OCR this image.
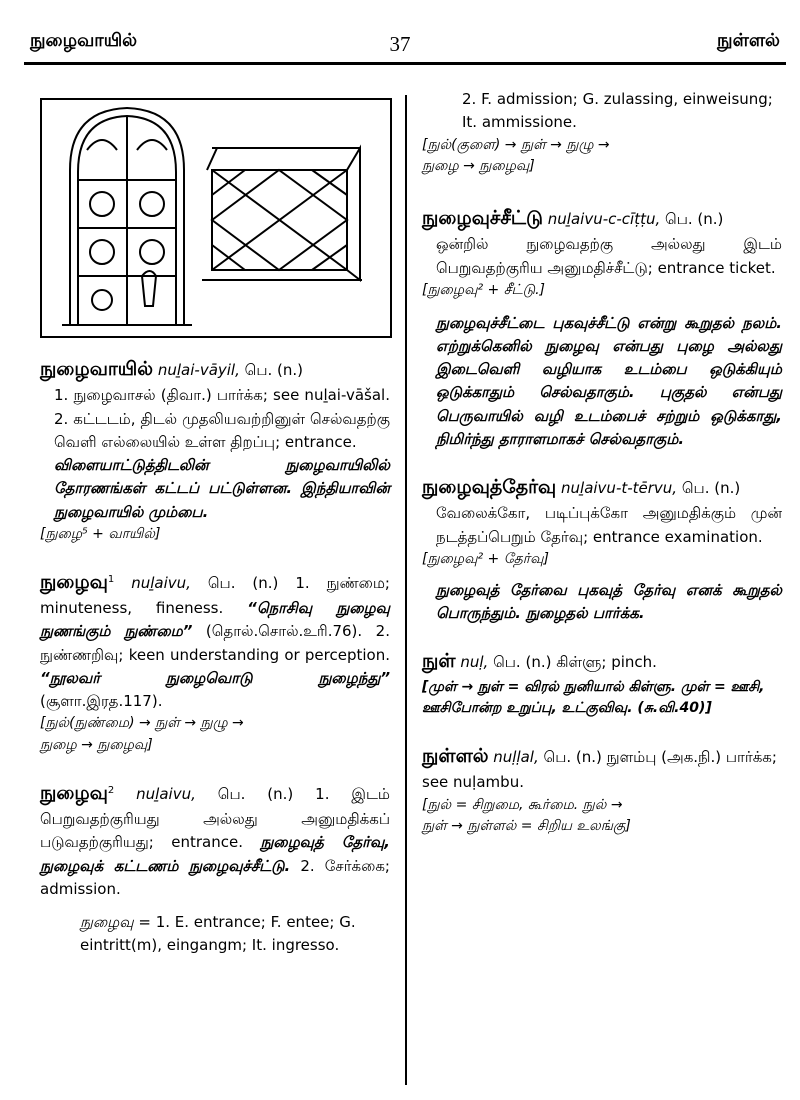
நுழைவாயில்	37	நுள்ளல்

நுழைவாயில் nuḻai-vāyil, பெ. (n.)

1. நுழைவாசல் (திவா.) பார்க்க; see nuḻai-vāšal. 2. கட்டடம், திடல் முதலியவற்றினுள் செல்வதற்கு வெளி எல்லையில் உள்ள திறப்பு; entrance.

விளையாட்டுத்திடலின் நுழைவாயிலில் தோரணங்கள் கட்டப் பட்டுள்ளன. இந்தியாவின் நுழைவாயில் மும்பை.

[நுழை⁵ + வாயில்]

நுழைவு$^1$ nuḻaivu, பெ. (n.) 1. நுண்மை; minuteness, fineness. “நொசிவு நுழைவு நுணங்கும் நுண்மை” (தொல்.சொல்.உரி.76). 2. நுண்ணறிவு; keen understanding or perception. “நூலவர் நுழைவொடு நுழைந்து” (சூளா.இரத.117).

[நுல்(நுண்மை) → நுள் → நுழு →

நுழை → நுழைவு]

நுழைவு$^2$ nuḻaivu, பெ. (n.) 1. இடம் பெறுவதற்குரியது அல்லது அனுமதிக்கப் படுவதற்குரியது; entrance. நுழைவுத் தேர்வு, நுழைவுக் கட்டணம் நுழைவுச்சீட்டு. 2. சேர்க்கை; admission.

நுழைவு = 1. E. entrance; F. entee; G. eintritt(m), eingangm; It. ingresso.

2. F. admission; G. zulassing, einweisung; It. ammissione.

[நுல்(குளை) → நுள் → நுழு →

நுழை → நுழைவு]

நுழைவுச்சீட்டு nuḻaivu-c-cīṭṭu, பெ. (n.)

ஒன்றில் நுழைவதற்கு அல்லது இடம் பெறுவதற்குரிய அனுமதிச்சீட்டு; entrance ticket.

[நுழைவு² + சீட்டு.]

நுழைவுச்சீட்டை புகவுச்சீட்டு என்று கூறுதல் நலம். எற்றுக்கெனில் நுழைவு என்பது புழை அல்லது இடைவெளி வழியாக உடம்பை ஒடுக்கியும் ஒடுக்காதும் செல்வதாகும். புகுதல் என்பது பெருவாயில் வழி உடம்பைச் சற்றும் ஒடுக்காது, நிமிர்ந்து தாராளமாகச் செல்வதாகும்.

நுழைவுத்தேர்வு nuḻaivu-t-tērvu, பெ. (n.)

வேலைக்கோ, படிப்புக்கோ அனுமதிக்கும் முன் நடத்தப்பெறும் தேர்வு; entrance examination.

[நுழைவு² + தேர்வு]

நுழைவுத் தேர்வை புகவுத் தேர்வு எனக் கூறுதல் பொருந்தும். நுழைதல் பார்க்க.

நுள் nuḷ, பெ. (n.) கிள்ளு; pinch.

[முள் → நுள் = விரல் நுனியால் கிள்ளு. முள் = ஊசி, ஊசிபோன்ற உறுப்பு, உட்குவிவு. (சு.வி.40)]

நுள்ளல் nuḷḷal, பெ. (n.) நுளம்பு (அக.நி.) பார்க்க; see nuḷambu.

[நுல் = சிறுமை, கூர்மை. நுல் →

நுள் → நுள்ளல் = சிறிய உலங்கு]
